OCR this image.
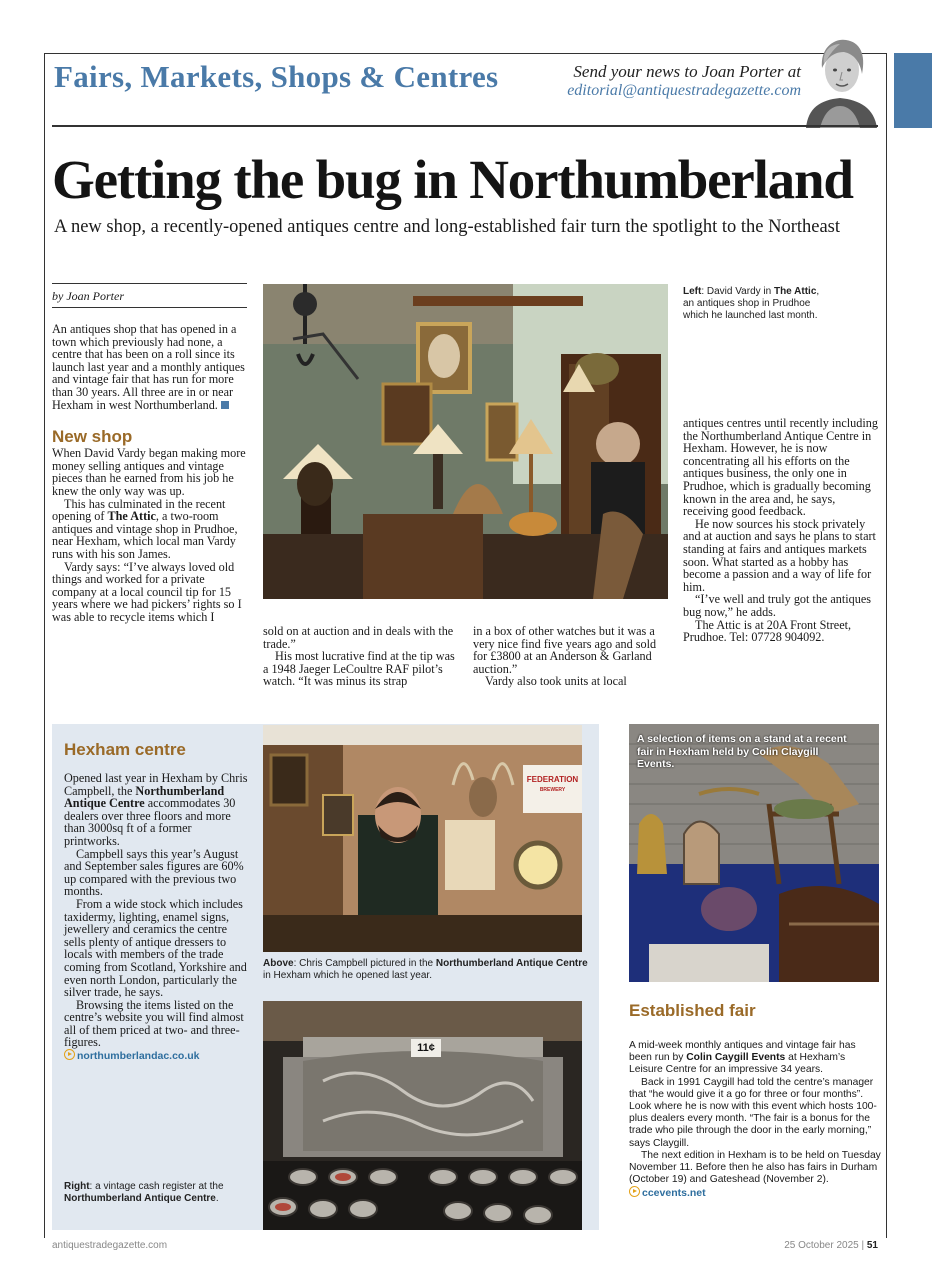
Fairs, Markets, Shops & Centres	Send your news to Joan Porter at
editorial@antiquestradegazette.com
Getting the bug in Northumberland
A new shop, a recently-opened antiques centre and long-established fair turn the spotlight to the Northeast
by Joan Porter

An antiques shop that has opened in a town which previously had none, a centre that has been on a roll since its launch last year and a monthly antiques and vintage fair that has run for more than 30 years. All three are in or near Hexham in west Northumberland.

New shop

When David Vardy began making more money selling antiques and vintage pieces than he earned from his job he knew the only way was up.

This has culminated in the recent opening of The Attic, a two-room antiques and vintage shop in Prudhoe, near Hexham, which local man Vardy runs with his son James.

Vardy says: “I’ve always loved old things and worked for a private company at a local council tip for 15 years where we had pickers’ rights so I was able to recycle items which I

Left: David Vardy in The Attic,
an antiques shop in Prudhoe
which he launched last month.

sold on at auction and in deals with the trade.”

His most lucrative find at the tip was a 1948 Jaeger LeCoultre RAF pilot’s watch. “It was minus its strap

in a box of other watches but it was a very nice find five years ago and sold for £3800 at an Anderson & Garland auction.”

Vardy also took units at local

antiques centres until recently including the Northumberland Antique Centre in Hexham. However, he is now concentrating all his efforts on the antiques business, the only one in Prudhoe, which is gradually becoming known in the area and, he says, receiving good feedback.

He now sources his stock privately and at auction and says he plans to start standing at fairs and antiques markets soon. What started as a hobby has become a passion and a way of life for him.

“I’ve well and truly got the antiques bug now,” he adds.

The Attic is at 20A Front Street, Prudhoe. Tel: 07728 904092.

Hexham centre

Opened last year in Hexham by Chris Campbell, the Northumberland Antique Centre accommodates 30 dealers over three floors and more than 3000sq ft of a former printworks.

Campbell says this year’s August and September sales figures are 60% up compared with the previous two months.

From a wide stock which includes taxidermy, lighting, enamel signs, jewellery and ceramics the centre sells plenty of antique dressers to locals with members of the trade coming from Scotland, Yorkshire and even north London, particularly the silver trade, he says.

Browsing the items listed on the centre’s website you will find almost all of them priced at two- and three-figures.

northumberlandac.co.uk
Right: a vintage cash register at the Northumberland Antique Centre.
FEDERATION
BREWERY
Above: Chris Campbell pictured in the Northumberland Antique Centre in Hexham which he opened last year.
11¢
A selection of items on a stand at a recent fair in Hexham held by Colin Claygill Events.
Established fair

A mid-week monthly antiques and vintage fair has been run by Colin Caygill Events at Hexham’s Leisure Centre for an impressive 34 years.

Back in 1991 Caygill had told the centre’s manager that “he would give it a go for three or four months”. Look where he is now with this event which hosts 100-plus dealers every month. “The fair is a bonus for the trade who pile through the door in the early morning,” says Claygill.

The next edition in Hexham is to be held on Tuesday November 11. Before then he also has fairs in Durham (October 19) and Gateshead (November 2).

ccevents.net
antiquestradegazette.com	25 October 2025 | 51
